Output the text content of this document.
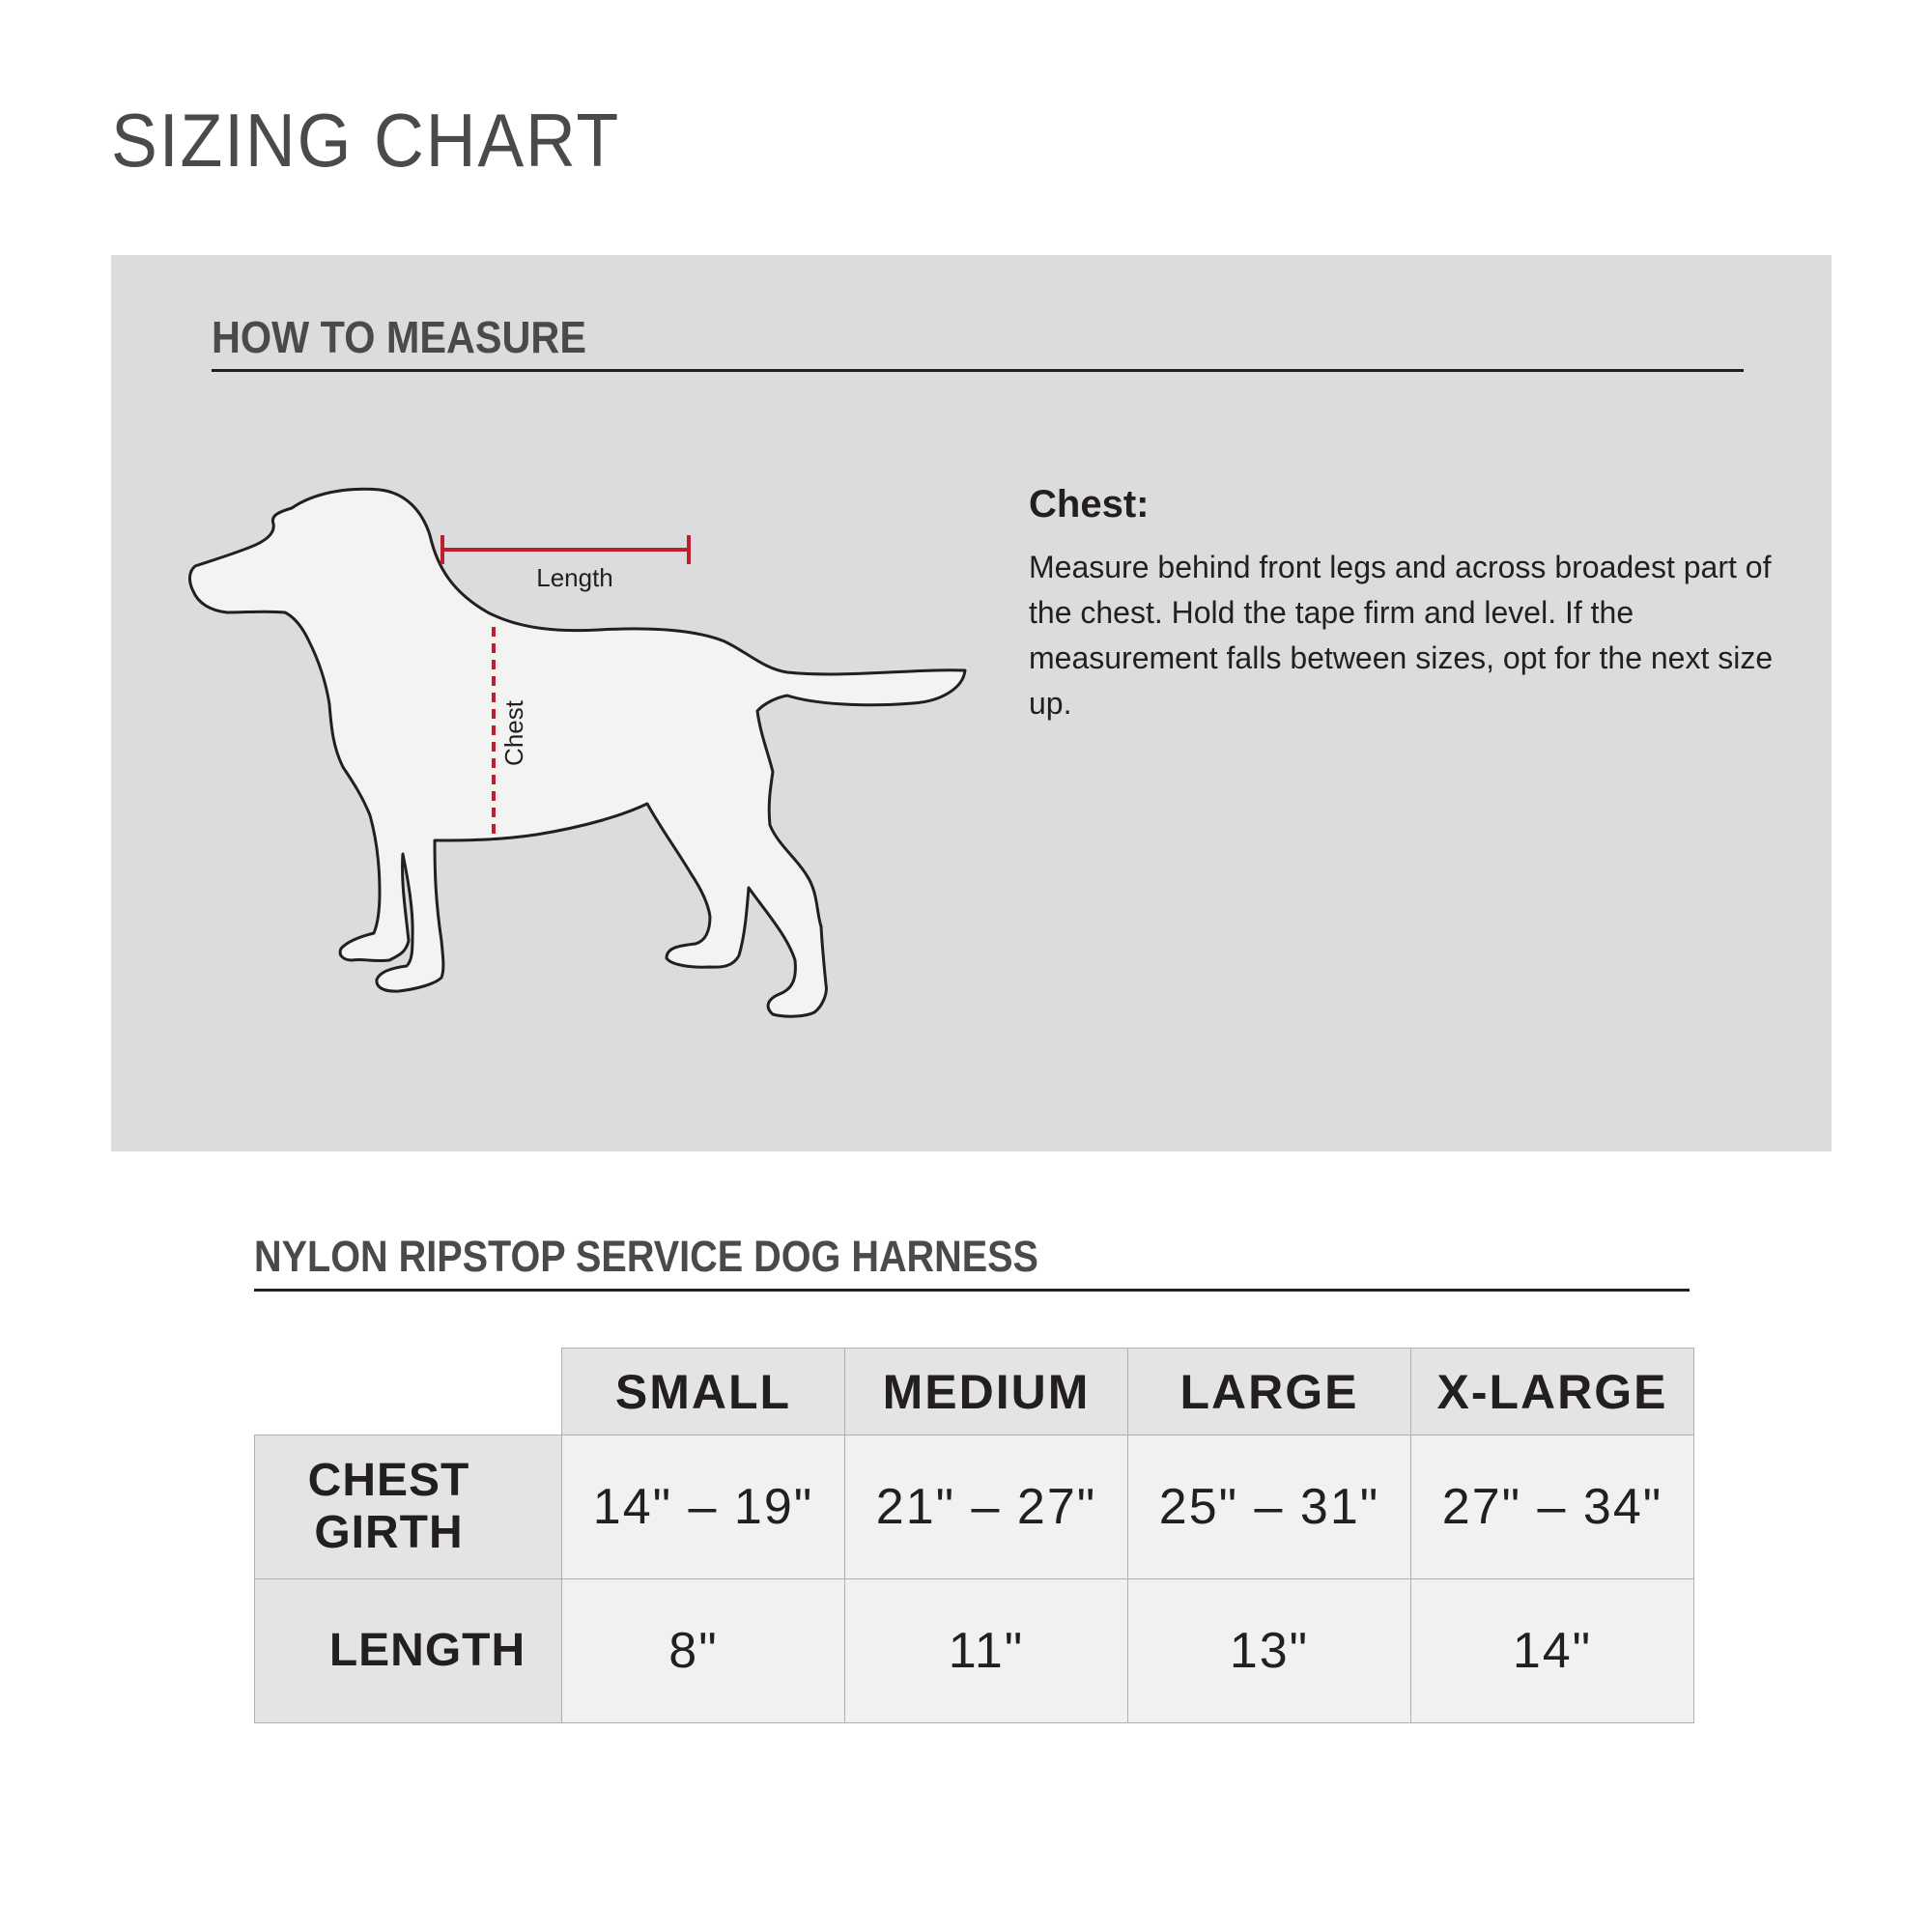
SIZING CHART
HOW TO MEASURE
Length
Chest
Chest:

Measure behind front legs and across broadest part of the chest. Hold the tape firm and level. If the measurement falls between sizes, opt for the next size up.

NYLON RIPSTOP SERVICE DOG HARNESS
SMALL	MEDIUM	LARGE	X-LARGE
CHEST
GIRTH	14" – 19"	21" – 27"	25" – 31"	27" – 34"
LENGTH	8"	11"	13"	14"
